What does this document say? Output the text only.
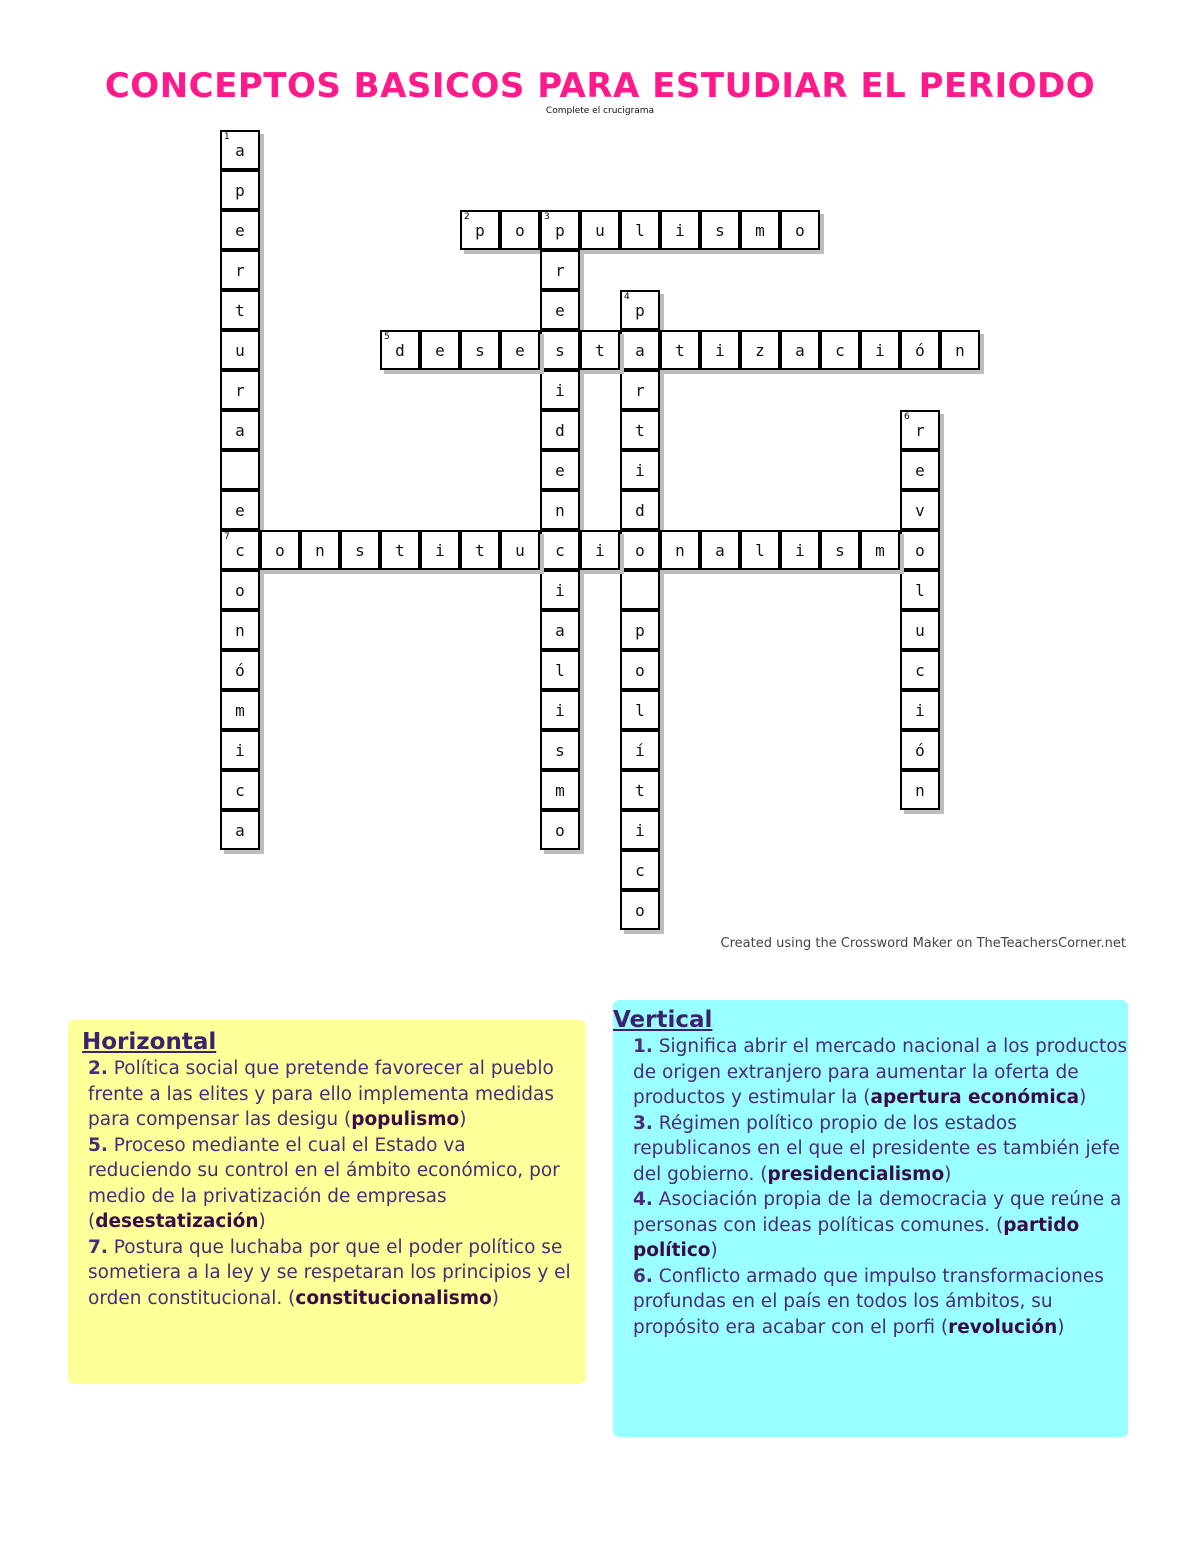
CONCEPTOS BASICOS PARA ESTUDIAR EL PERIODO

Complete el crucigrama

a
1
p
e
r
t
u
r
a
e
c
7
o
n
ó
m
i
c
a
p
2
o p
3
u l i s m o
r
e
s
i
d
e
n
c
i
a
l
i
s
m
o
p
4
a
r
t
i
d
o
p
o
l
í
t
i
c
o
d
5
e s e	t	t i z a c i ó n
r
6
e
v
o
l
u
c
i
ó
n
o n s t i t u	i	n a l i s m
Created using the Crossword Maker on TheTeachersCorner.net
Horizontal

2. Política social que pretende favorecer al pueblo frente a las elites y para ello implementa medidas para compensar las desigu (populismo)

5. Proceso mediante el cual el Estado va reduciendo su control en el ámbito económico, por medio de la privatización de empresas (desestatización)

7. Postura que luchaba por que el poder político se sometiera a la ley y se respetaran los principios y el orden constitucional. (constitucionalismo)

Vertical

1. Significa abrir el mercado nacional a los productos de origen extranjero para aumentar la oferta de productos y estimular la (apertura económica)

3. Régimen político propio de los estados republicanos en el que el presidente es también jefe del gobierno. (presidencialismo)

4. Asociación propia de la democracia y que reúne a personas con ideas políticas comunes. (partido político)

6. Conflicto armado que impulso transformaciones profundas en el país en todos los ámbitos, su propósito era acabar con el porfi (revolución)
